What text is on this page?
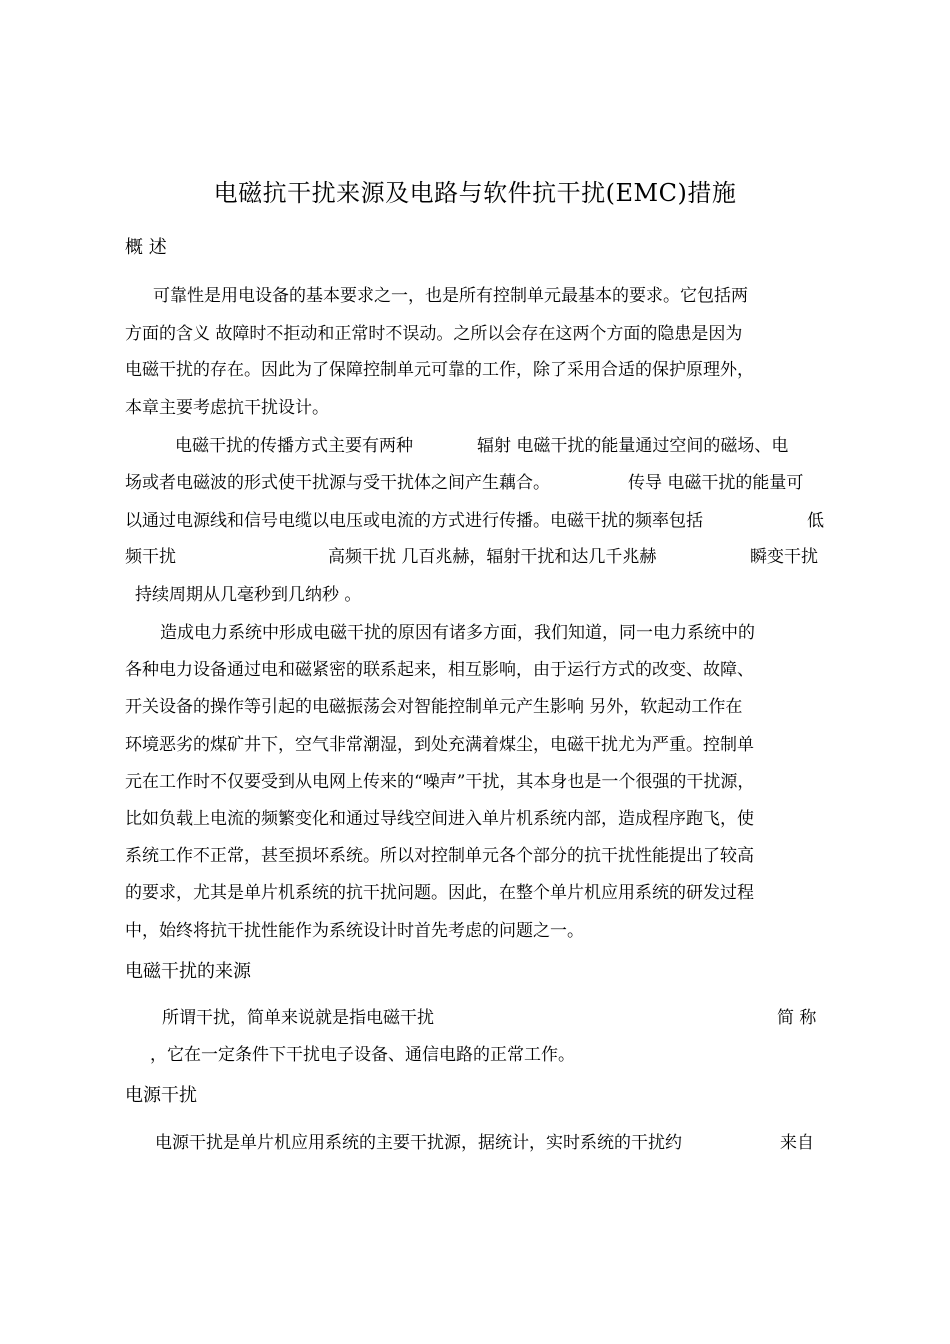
电磁抗干扰来源及电路与软件抗干扰(EMC)措施
概 述
可靠性是用电设备的基本要求之一，也是所有控制单元最基本的要求。它包括两
方面的含义 故障时不拒动和正常时不误动。之所以会存在这两个方面的隐患是因为
电磁干扰的存在。因此为了保障控制单元可靠的工作，除了采用合适的保护原理外，
本章主要考虑抗干扰设计。
电磁干扰的传播方式主要有两种	辐射 电磁干扰的能量通过空间的磁场、电
场或者电磁波的形式使干扰源与受干扰体之间产生藕合。	传导 电磁干扰的能量可
以通过电源线和信号电缆以电压或电流的方式进行传播。电磁干扰的频率包括	低
频干扰	高频干扰 几百兆赫，辐射干扰和达几千兆赫	瞬变干扰
持续周期从几毫秒到几纳秒 。
造成电力系统中形成电磁干扰的原因有诸多方面，我们知道，同一电力系统中的
各种电力设备通过电和磁紧密的联系起来，相互影响，由于运行方式的改变、故障、
开关设备的操作等引起的电磁振荡会对智能控制单元产生影响 另外，软起动工作在
环境恶劣的煤矿井下，空气非常潮湿，到处充满着煤尘，电磁干扰尤为严重。控制单
元在工作时不仅要受到从电网上传来的“噪声”干扰，其本身也是一个很强的干扰源，
比如负载上电流的频繁变化和通过导线空间进入单片机系统内部，造成程序跑飞，使
系统工作不正常，甚至损坏系统。所以对控制单元各个部分的抗干扰性能提出了较高
的要求，尤其是单片机系统的抗干扰问题。因此，在整个单片机应用系统的研发过程
中，始终将抗干扰性能作为系统设计时首先考虑的问题之一。
电磁干扰的来源
所谓干扰，简单来说就是指电磁干扰	简 称
，它在一定条件下干扰电子设备、通信电路的正常工作。
电源干扰
电源干扰是单片机应用系统的主要干扰源，据统计，实时系统的干扰约	来自
